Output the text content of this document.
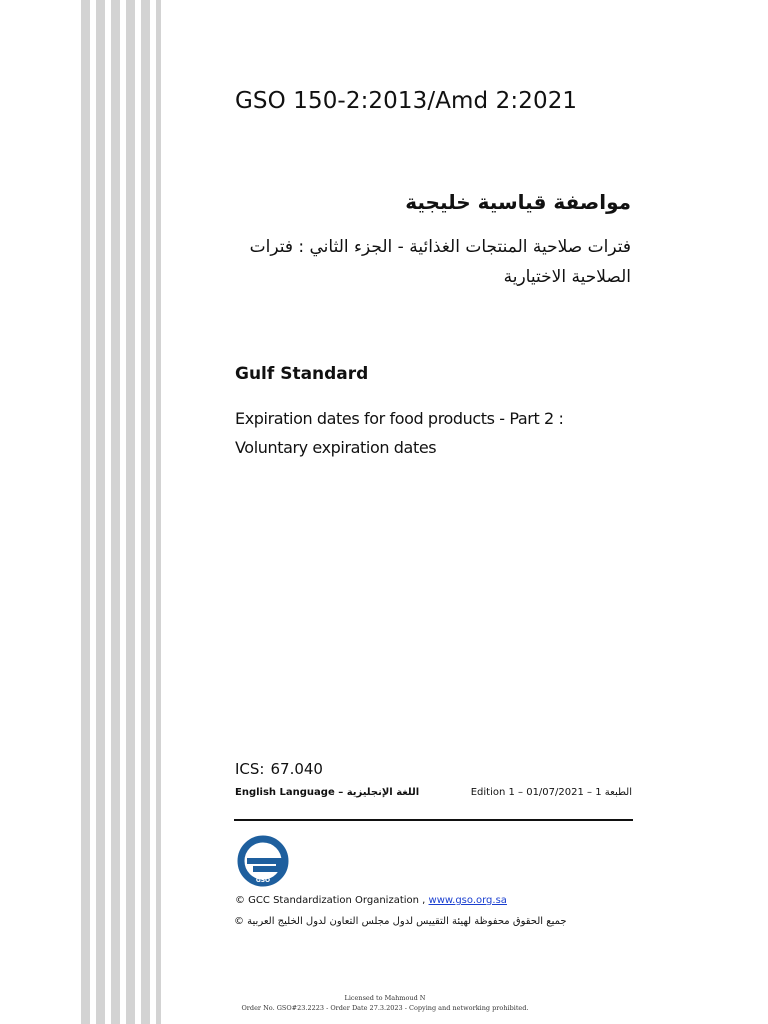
GSO 150-2:2013/Amd 2:2021
مواصفة قياسية خليجية
فترات صلاحية المنتجات الغذائية - الجزء الثاني : فترات الصلاحية الاختيارية
Gulf Standard
Expiration dates for food products - Part 2 : Voluntary expiration dates
ICS: 67.040
English Language – اللغة الإنجليزية	Edition 1 – 01/07/2021 – الطبعة 1
GSO
© GCC Standardization Organization , www.gso.org.sa
جميع الحقوق محفوظة لهيئة التقييس لدول مجلس التعاون لدول الخليج العربية ©
Licensed to Mahmoud N
Order No. GSO#23.2223 - Order Date 27.3.2023 - Copying and networking prohibited.
